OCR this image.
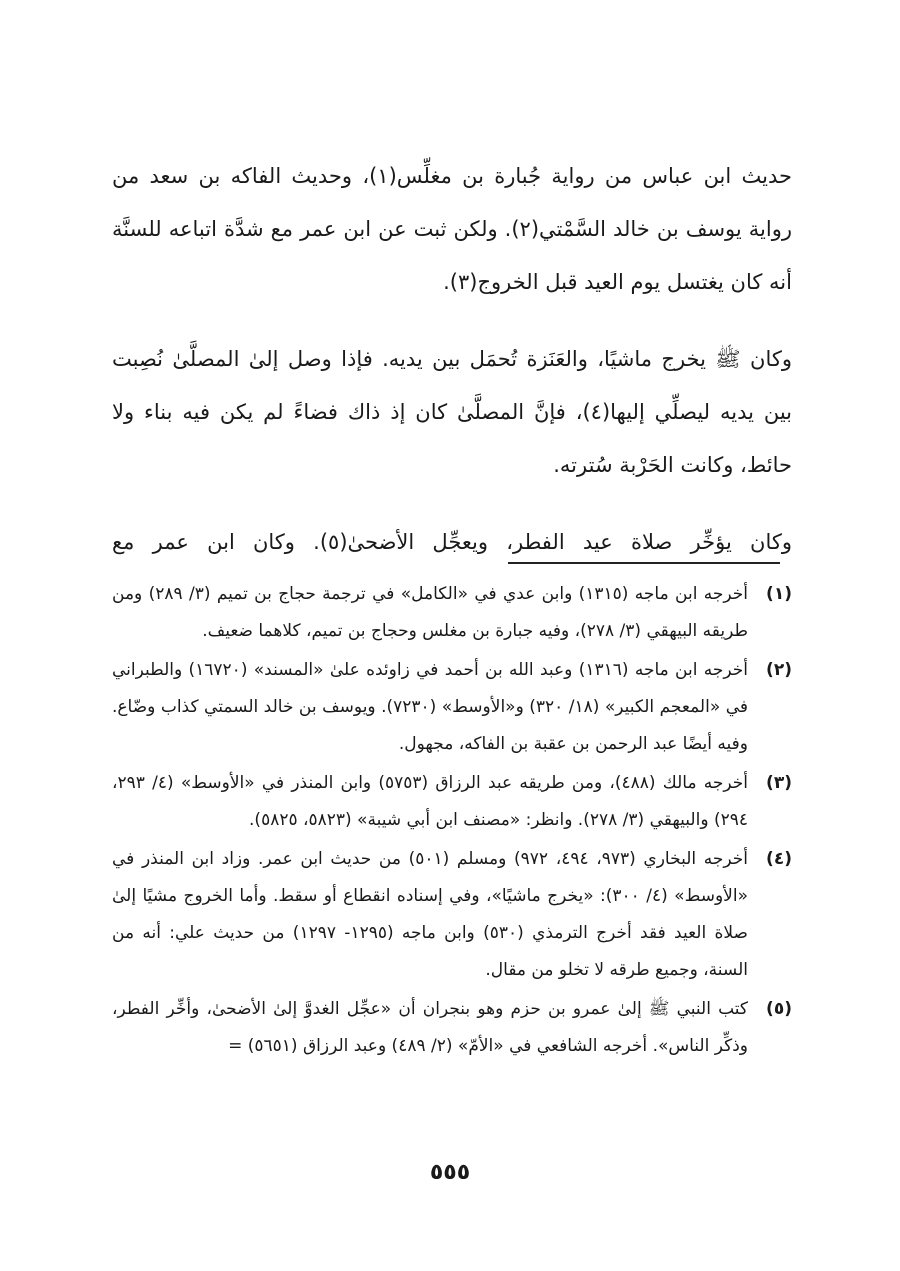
حديث ابن عباس من رواية جُبارة بن مغلِّس(١)، وحديث الفاكه بن سعد من رواية يوسف بن خالد السَّمْتي(٢). ولكن ثبت عن ابن عمر مع شدَّة اتباعه للسنَّة أنه كان يغتسل يوم العيد قبل الخروج(٣).

وكان ﷺ يخرج ماشيًا، والعَنَزة تُحمَل بين يديه. فإذا وصل إلىٰ المصلَّىٰ نُصِبت بين يديه ليصلِّي إليها(٤)، فإنَّ المصلَّىٰ كان إذ ذاك فضاءً لم يكن فيه بناء ولا حائط، وكانت الحَرْبة سُترته.

وكان يؤخِّر صلاة عيد الفطر، ويعجِّل الأضحىٰ(٥). وكان ابن عمر مع

(١)
أخرجه ابن ماجه (١٣١٥) وابن عدي في «الكامل» في ترجمة حجاج بن تميم (٣/ ٢٨٩) ومن طريقه البيهقي (٣/ ٢٧٨)، وفيه جبارة بن مغلس وحجاج بن تميم، كلاهما ضعيف.
(٢)
أخرجه ابن ماجه (١٣١٦) وعبد الله بن أحمد في زاوئده علىٰ «المسند» (١٦٧٢٠) والطبراني في «المعجم الكبير» (١٨/ ٣٢٠) و«الأوسط» (٧٢٣٠). ويوسف بن خالد السمتي كذاب وضّاع. وفيه أيضًا عبد الرحمن بن عقبة بن الفاكه، مجهول.
(٣)
أخرجه مالك (٤٨٨)، ومن طريقه عبد الرزاق (٥٧٥٣) وابن المنذر في «الأوسط» (٤/ ٢٩٣، ٢٩٤) والبيهقي (٣/ ٢٧٨). وانظر: «مصنف ابن أبي شيبة» (٥٨٢٣، ٥٨٢٥).
(٤)
أخرجه البخاري (٩٧٣، ٤٩٤، ٩٧٢) ومسلم (٥٠١) من حديث ابن عمر. وزاد ابن المنذر في «الأوسط» (٤/ ٣٠٠): «يخرج ماشيًا»، وفي إسناده انقطاع أو سقط. وأما الخروج مشيًا إلىٰ صلاة العيد فقد أخرج الترمذي (٥٣٠) وابن ماجه (١٢٩٥- ١٢٩٧) من حديث علي: أنه من السنة، وجميع طرقه لا تخلو من مقال.
(٥)
كتب النبي ﷺ إلىٰ عمرو بن حزم وهو بنجران أن «عجِّل الغدوَّ إلىٰ الأضحىٰ، وأخِّر الفطر، وذكِّر الناس». أخرجه الشافعي في «الأمّ» (٢/ ٤٨٩) وعبد الرزاق (٥٦٥١) =
٥٥٥
